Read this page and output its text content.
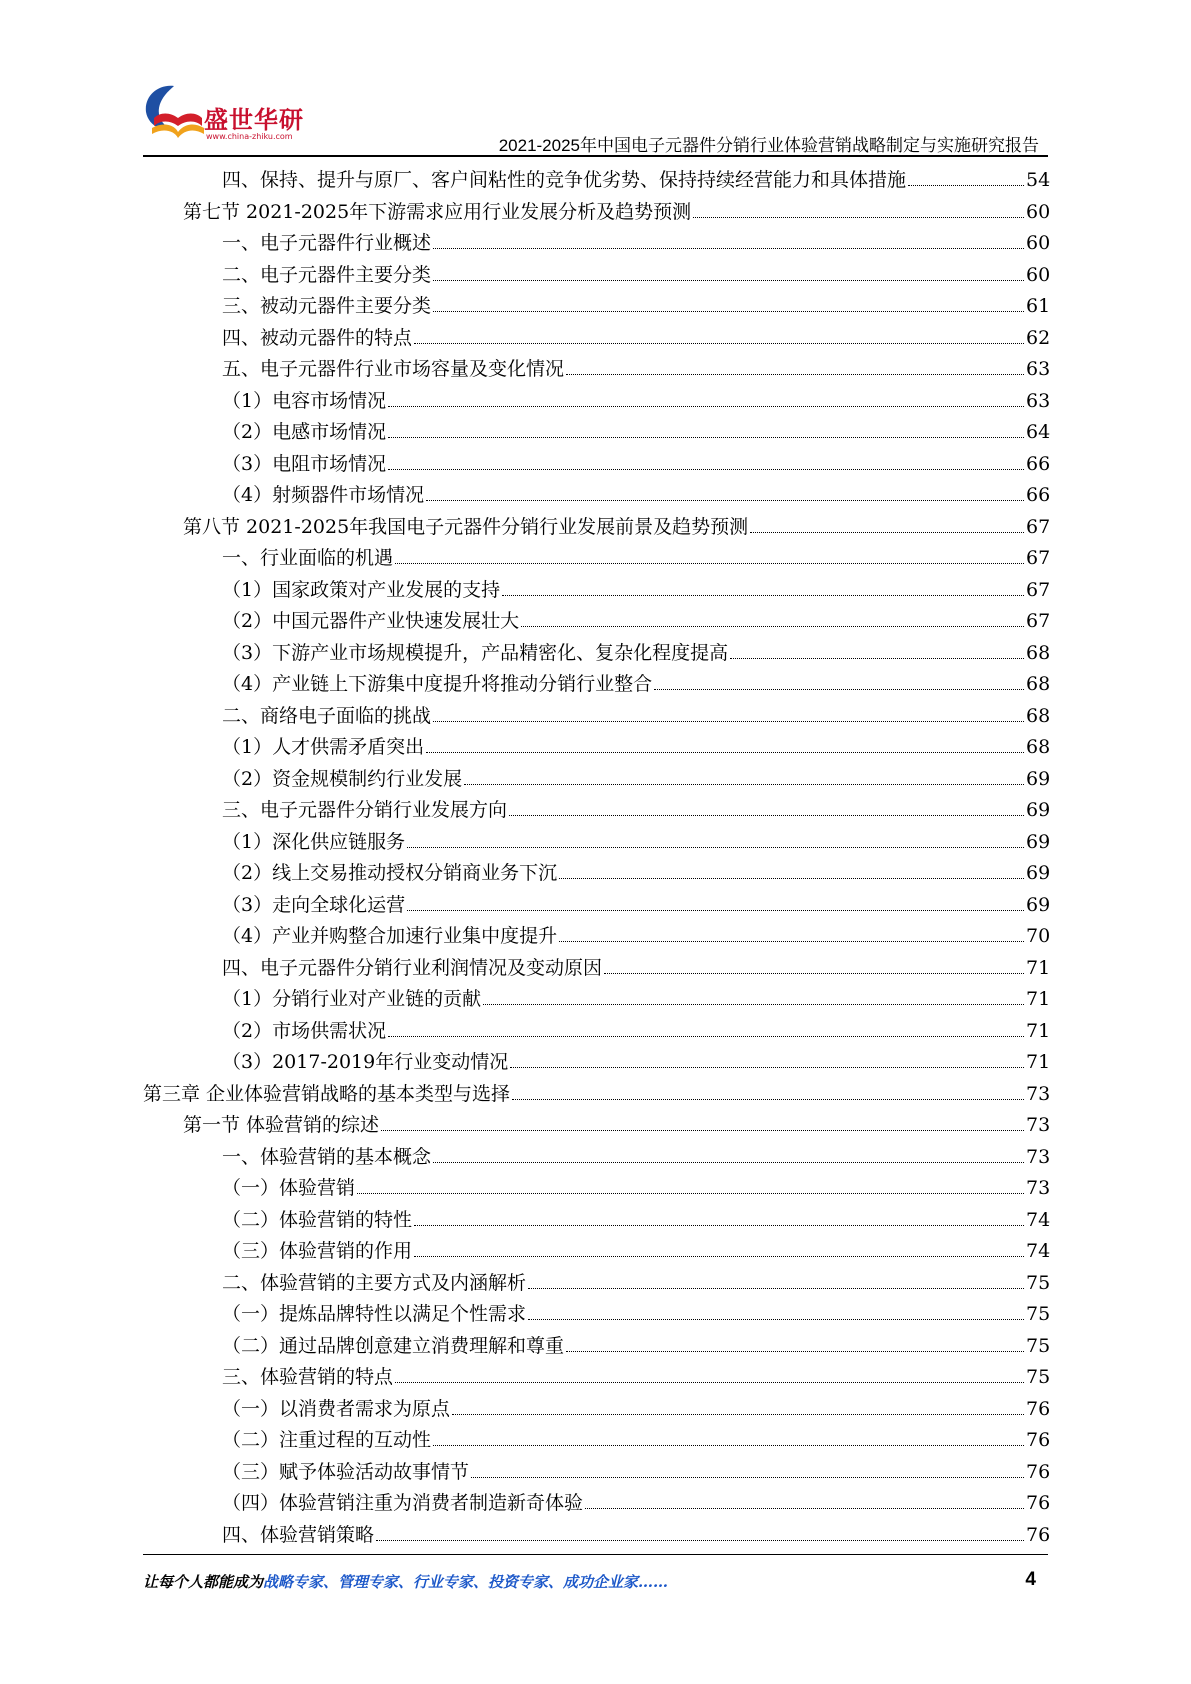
盛世华研
www.china-zhiku.com	2021-2025年中国电子元器件分销行业体验营销战略制定与实施研究报告
四、保持、提升与原厂、客户间粘性的竞争优劣势、保持持续经营能力和具体措施	54
第七节 2021-2025年下游需求应用行业发展分析及趋势预测	60
一、电子元器件行业概述	60
二、电子元器件主要分类	60
三、被动元器件主要分类	61
四、被动元器件的特点	62
五、电子元器件行业市场容量及变化情况	63
（1）电容市场情况	63
（2）电感市场情况	64
（3）电阻市场情况	66
（4）射频器件市场情况	66
第八节 2021-2025年我国电子元器件分销行业发展前景及趋势预测	67
一、行业面临的机遇	67
（1）国家政策对产业发展的支持	67
（2）中国元器件产业快速发展壮大	67
（3）下游产业市场规模提升，产品精密化、复杂化程度提高	68
（4）产业链上下游集中度提升将推动分销行业整合	68
二、商络电子面临的挑战	68
（1）人才供需矛盾突出	68
（2）资金规模制约行业发展	69
三、电子元器件分销行业发展方向	69
（1）深化供应链服务	69
（2）线上交易推动授权分销商业务下沉	69
（3）走向全球化运营	69
（4）产业并购整合加速行业集中度提升	70
四、电子元器件分销行业利润情况及变动原因	71
（1）分销行业对产业链的贡献	71
（2）市场供需状况	71
（3）2017-2019年行业变动情况	71
第三章 企业体验营销战略的基本类型与选择	73
第一节 体验营销的综述	73
一、体验营销的基本概念	73
（一）体验营销	73
（二）体验营销的特性	74
（三）体验营销的作用	74
二、体验营销的主要方式及内涵解析	75
（一）提炼品牌特性以满足个性需求	75
（二）通过品牌创意建立消费理解和尊重	75
三、体验营销的特点	75
（一）以消费者需求为原点	76
（二）注重过程的互动性	76
（三）赋予体验活动故事情节	76
（四）体验营销注重为消费者制造新奇体验	76
四、体验营销策略	76
让每个人都能成为战略专家、管理专家、行业专家、投资专家、成功企业家……	4
